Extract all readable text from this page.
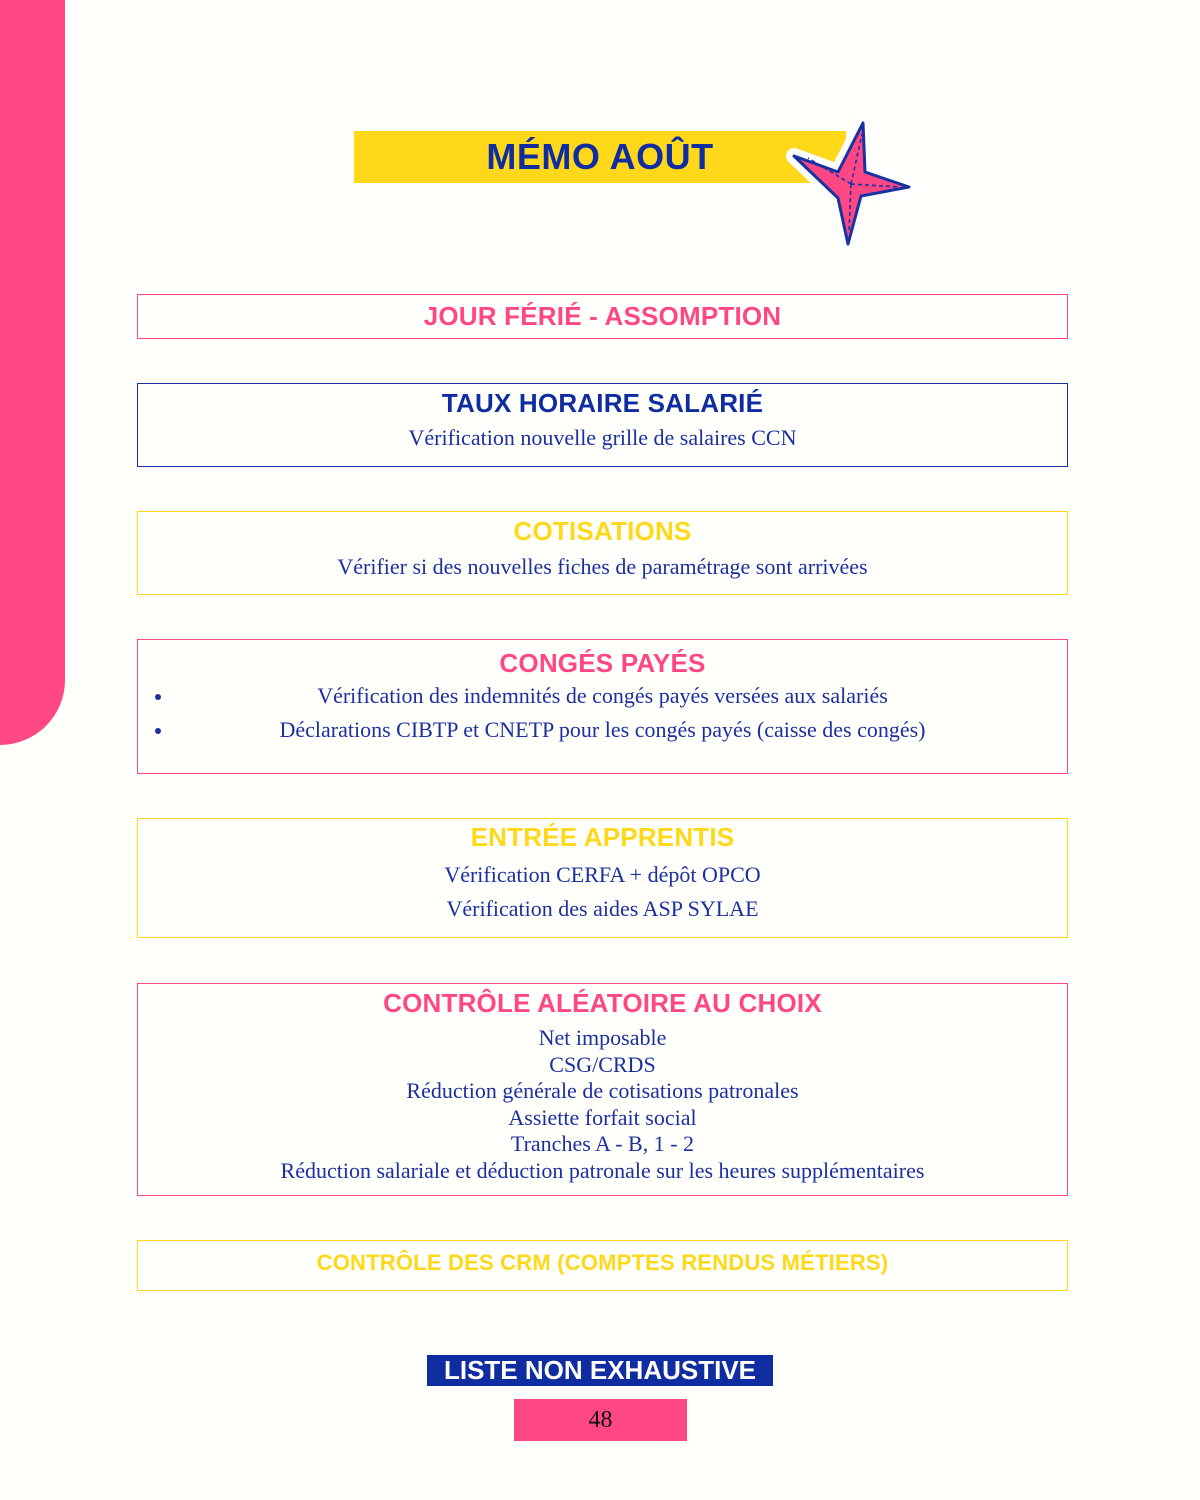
MÉMO AOÛT
JOUR FÉRIÉ - ASSOMPTION
TAUX HORAIRE SALARIÉ
Vérification nouvelle grille de salaires CCN
COTISATIONS
Vérifier si des nouvelles fiches de paramétrage sont arrivées
CONGÉS PAYÉS
Vérification des indemnités de congés payés versées aux salariés
Déclarations CIBTP et CNETP pour les congés payés (caisse des congés)
ENTRÉE APPRENTIS
Vérification CERFA + dépôt OPCO
Vérification des aides ASP SYLAE
CONTRÔLE ALÉATOIRE AU CHOIX
Net imposable
CSG/CRDS
Réduction générale de cotisations patronales
Assiette forfait social
Tranches A - B, 1 - 2
Réduction salariale et déduction patronale sur les heures supplémentaires
CONTRÔLE DES CRM (COMPTES RENDUS MÉTIERS)
LISTE NON EXHAUSTIVE
48
